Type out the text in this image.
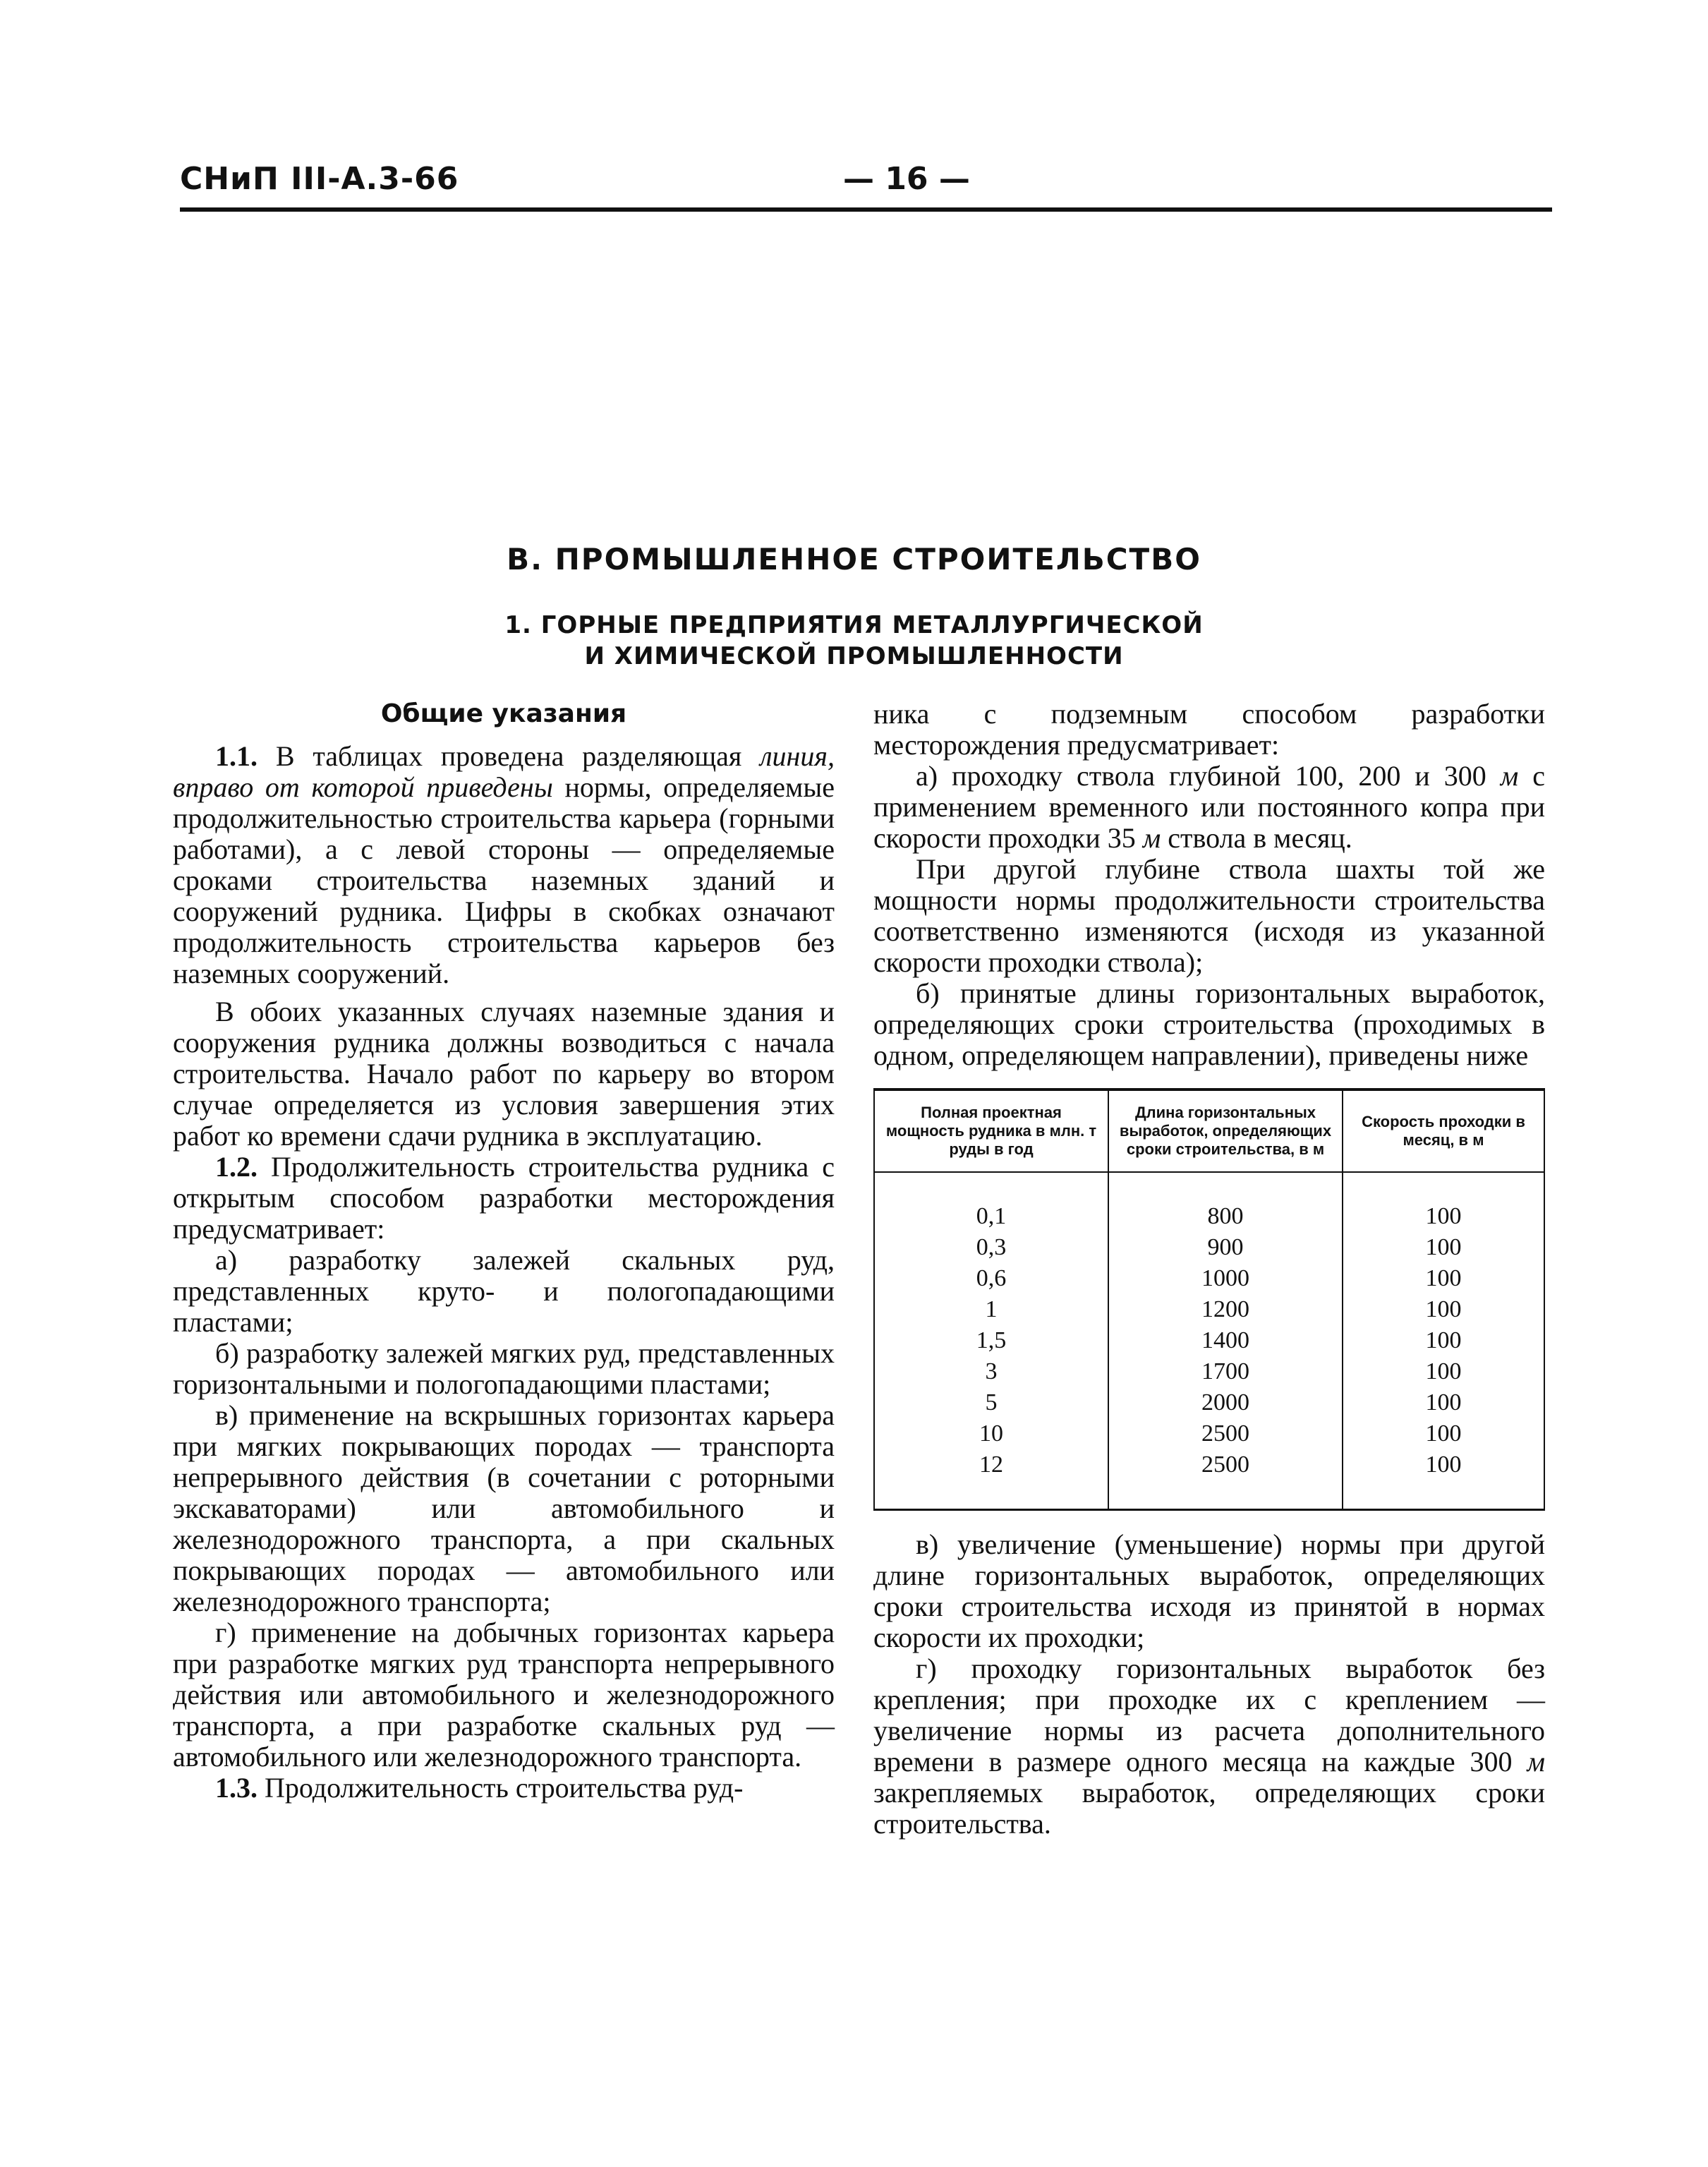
СНиП III-А.3-66	— 16 —
В. ПРОМЫШЛЕННОЕ СТРОИТЕЛЬСТВО
1. ГОРНЫЕ ПРЕДПРИЯТИЯ МЕТАЛЛУРГИЧЕСКОЙ
И ХИМИЧЕСКОЙ ПРОМЫШЛЕННОСТИ

Общие указания

1.1. В таблицах проведена разделяющая линия, вправо от которой приведены нормы, определяемые продолжительностью строительства карьера (горными работами), а с левой стороны — определяемые сроками строительства наземных зданий и сооружений рудника. Цифры в скобках означают продолжительность строительства карьеров без наземных сооружений.

В обоих указанных случаях наземные здания и сооружения рудника должны возводиться с начала строительства. Начало работ по карьеру во втором случае определяется из условия завершения этих работ ко времени сдачи рудника в эксплуатацию.

1.2. Продолжительность строительства рудника с открытым способом разработки месторождения предусматривает:

а) разработку залежей скальных руд, представленных круто- и пологопадающими пластами;

б) разработку залежей мягких руд, представленных горизонтальными и пологопадающими пластами;

в) применение на вскрышных горизонтах карьера при мягких покрывающих породах — транспорта непрерывного действия (в сочетании с роторными экскаваторами) или автомобильного и железнодорожного транспорта, а при скальных покрывающих породах — автомобильного или железнодорожного транспорта;

г) применение на добычных горизонтах карьера при разработке мягких руд транспорта непрерывного действия или автомобильного и железнодорожного транспорта, а при разработке скальных руд — автомобильного или железнодорожного транспорта.

1.3. Продолжительность строительства руд-

ника с подземным способом разработки месторождения предусматривает:

а) проходку ствола глубиной 100, 200 и 300 м с применением временного или постоянного копра при скорости проходки 35 м ствола в месяц.

При другой глубине ствола шахты той же мощности нормы продолжительности строительства соответственно изменяются (исходя из указанной скорости проходки ствола);

б) принятые длины горизонтальных выработок, определяющих сроки строительства (проходимых в одном, определяющем направлении), приведены ниже

Полная проектная мощность рудника в млн. т руды в год	Длина горизонтальных выработок, определяющих сроки строительства, в м	Скорость проходки в месяц, в м
0,1	800	100
0,3	900	100
0,6	1000	100
1	1200	100
1,5	1400	100
3	1700	100
5	2000	100
10	2500	100
12	2500	100

в) увеличение (уменьшение) нормы при другой длине горизонтальных выработок, определяющих сроки строительства исходя из принятой в нормах скорости их проходки;

г) проходку горизонтальных выработок без крепления; при проходке их с креплением — увеличение нормы из расчета дополнительного времени в размере одного месяца на каждые 300 м закрепляемых выработок, определяющих сроки строительства.
